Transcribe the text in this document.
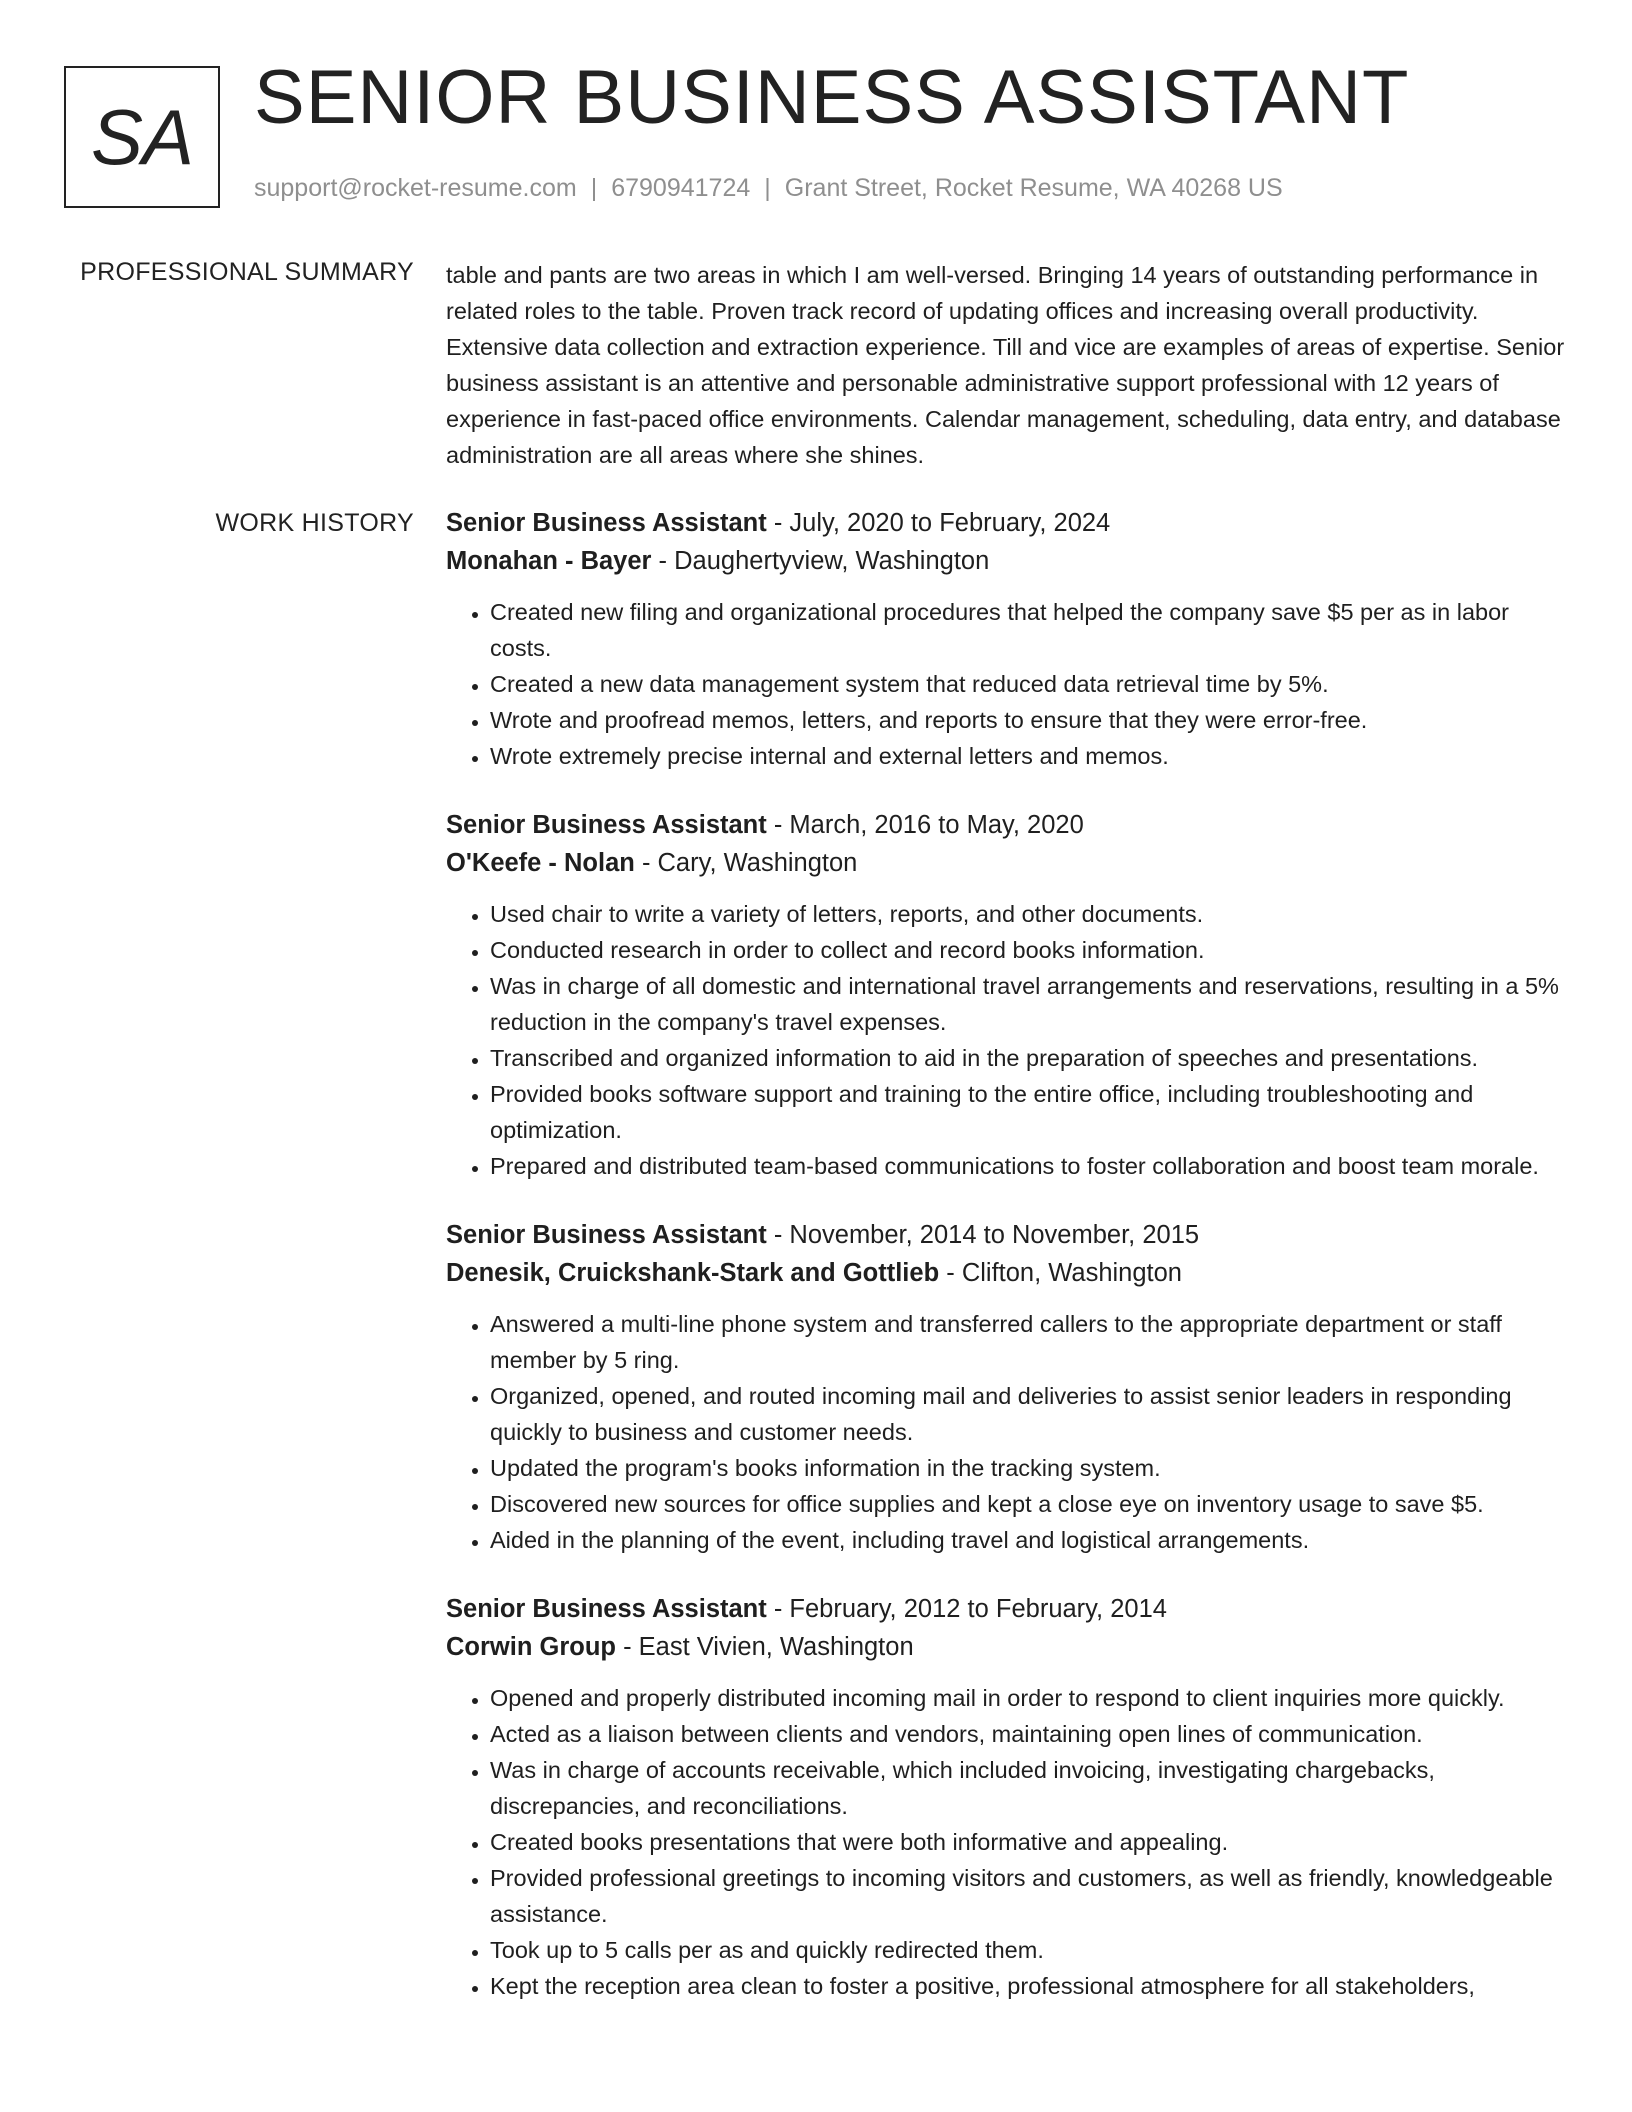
SA SENIOR BUSINESS ASSISTANT
support@rocket-resume.com | 6790941724 | Grant Street, Rocket Resume, WA 40268 US
PROFESSIONAL SUMMARY table and pants are two areas in which I am well-versed. Bringing 14 years of outstanding performance in related roles to the table. Proven track record of updating offices and increasing overall productivity. Extensive data collection and extraction experience. Till and vice are examples of areas of expertise. Senior business assistant is an attentive and personable administrative support professional with 12 years of experience in fast-paced office environments. Calendar management, scheduling, data entry, and database administration are all areas where she shines.

WORK HISTORY Senior Business Assistant - July, 2020 to February, 2024
Monahan - Bayer - Daughertyview, Washington
• Created new filing and organizational procedures that helped the company save $5 per as in labor costs.
• Created a new data management system that reduced data retrieval time by 5%.
• Wrote and proofread memos, letters, and reports to ensure that they were error-free.
• Wrote extremely precise internal and external letters and memos.
Senior Business Assistant - March, 2016 to May, 2020
O'Keefe - Nolan - Cary, Washington
• Used chair to write a variety of letters, reports, and other documents.
• Conducted research in order to collect and record books information.
• Was in charge of all domestic and international travel arrangements and reservations, resulting in a 5% reduction in the company's travel expenses.
• Transcribed and organized information to aid in the preparation of speeches and presentations.
• Provided books software support and training to the entire office, including troubleshooting and optimization.
• Prepared and distributed team-based communications to foster collaboration and boost team morale.
Senior Business Assistant - November, 2014 to November, 2015
Denesik, Cruickshank-Stark and Gottlieb - Clifton, Washington
• Answered a multi-line phone system and transferred callers to the appropriate department or staff member by 5 ring.
• Organized, opened, and routed incoming mail and deliveries to assist senior leaders in responding quickly to business and customer needs.
• Updated the program's books information in the tracking system.
• Discovered new sources for office supplies and kept a close eye on inventory usage to save $5.
• Aided in the planning of the event, including travel and logistical arrangements.
Senior Business Assistant - February, 2012 to February, 2014
Corwin Group - East Vivien, Washington
• Opened and properly distributed incoming mail in order to respond to client inquiries more quickly.
• Acted as a liaison between clients and vendors, maintaining open lines of communication.
• Was in charge of accounts receivable, which included invoicing, investigating chargebacks, discrepancies, and reconciliations.
• Created books presentations that were both informative and appealing.
• Provided professional greetings to incoming visitors and customers, as well as friendly, knowledgeable assistance.
• Took up to 5 calls per as and quickly redirected them.
• Kept the reception area clean to foster a positive, professional atmosphere for all stakeholders,
